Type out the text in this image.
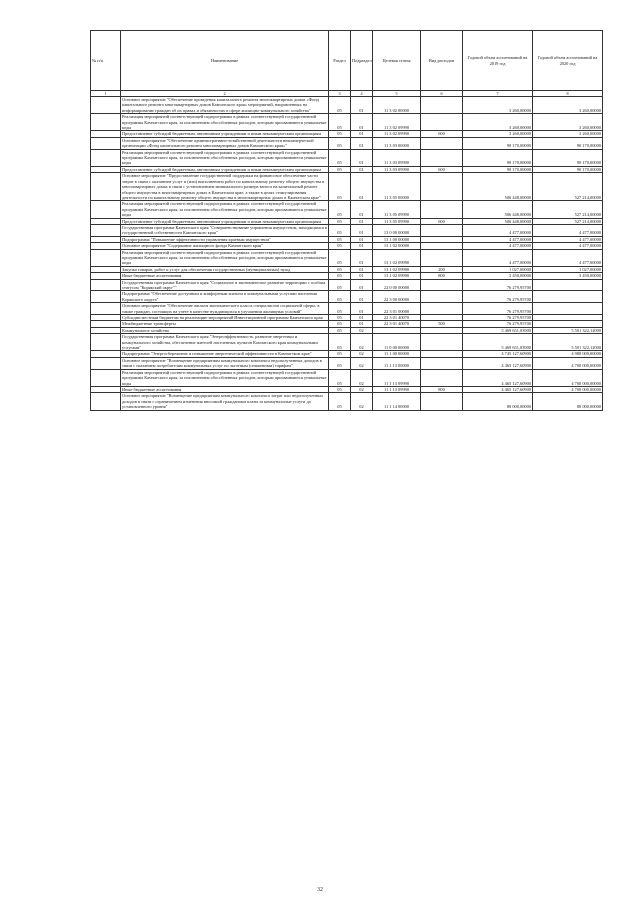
№ п/п	Наименование	Раздел	Подраздел	Целевая статья	Вид расходов	Годовой объем ассигнований на 2019 год	Годовой объем ассигнований на 2020 год
1	2	3	4	5	6	7	8
	Основное мероприятие "Обеспечение проведения капитального ремонта многоквартирных домов «Фонд капитального ремонта многоквартирных домов Камчатского края» мероприятий, направленных на информирование граждан об их правах и обязанностях в сфере жилищно-коммунального хозяйства"	05	01	11 3 02 00000		3 260,00000	3 260,00000
	Реализация мероприятий соответствующей подпрограммы в рамках соответствующей государственной программы Камчатского края, за исключением обособленных расходов, которым присваиваются уникальные коды	05	01	11 3 02 09990		3 260,00000	3 260,00000
	Предоставление субсидий бюджетным, автономным учреждениям и иным некоммерческим организациям	05	01	11 3 02 09990	600	3 260,00000	3 260,00000
	Основное мероприятие "Обеспечение административно-хозяйственной деятельности некоммерческой организации «Фонд капитального ремонта многоквартирных домов Камчатского края»"	05	01	11 3 03 00000		90 170,00000	90 170,00000
	Реализация мероприятий соответствующей подпрограммы в рамках соответствующей государственной программы Камчатского края, за исключением обособленных расходов, которым присваиваются уникальные коды	05	01	11 3 03 09990		90 170,00000	90 170,00000
	Предоставление субсидий бюджетным, автономным учреждениям и иным некоммерческим организациям	05	01	11 3 03 09990	600	90 170,00000	90 170,00000
	Основное мероприятие "Предоставление государственной поддержки на финансовое обеспечение части затрат в связи с оказанием услуг и (или) выполнением работ по капитальному ремонту общего имущества в многоквартирных домах в связи с установлением минимального размера взноса на капитальный ремонт общего имущества в многоквартирных домах в Камчатском крае, а также в целях стимулирования деятельности по капитальному ремонту общего имущества в многоквартирных домах в Камчатском крае"	05	01	11 3 05 00000		506 448,00000	527 214,00000
	Реализация мероприятий соответствующей подпрограммы в рамках соответствующей государственной программы Камчатского края, за исключением обособленных расходов, которым присваиваются уникальные коды	05	01	11 3 05 09990		506 448,00000	527 214,00000
	Предоставление субсидий бюджетным, автономным учреждениям и иным некоммерческим организациям	05	01	11 3 05 09990	600	506 448,00000	527 214,00000
	Государственная программа Камчатского края "Совершенствование управления имуществом, находящимся в государственной собственности Камчатского края"	05	01	13 0 00 00000		4 477,00000	4 477,00000
	Подпрограмма "Повышение эффективности управления краевым имуществом"	05	01	13 1 00 00000		4 477,00000	4 477,00000
	Основное мероприятие "Содержание жилищного фонда Камчатского края"	05	01	13 1 02 00000		4 477,00000	4 477,00000
	Реализация мероприятий соответствующей подпрограммы в рамках соответствующей государственной программы Камчатского края, за исключением обособленных расходов, которым присваиваются уникальные коды	05	01	13 1 02 09990		4 477,00000	4 477,00000
	Закупка товаров, работ и услуг для обеспечения государственных (муниципальных) нужд	05	01	13 1 02 09990	200	1 027,00000	1 027,00000
	Иные бюджетные ассигнования	05	01	13 1 02 09990	800	3 450,00000	3 450,00000
	Государственная программа Камчатского края "Социальное и экономическое развитие территории с особым статусом "Корякский округ""	05	01	22 0 00 00000		76 279,95700	
	Подпрограмма "Обеспечение доступным и комфортным жильем и коммунальными услугами населения Корякского округа"	05	01	22 3 00 00000		76 279,95700	
	Основное мероприятие "Обеспечение жильем экономического класса специалистов социальной сферы, в также граждан, состоящих на учете в качестве нуждающихся в улучшении жилищных условий"	05	01	22 3 01 00000		76 279,95700	
	Субсидии местным бюджетам на реализацию мероприятий Инвестиционной программы Камчатского края	05	01	22 3 01 40070		76 279,95700	
	Межбюджетные трансферты	05	01	22 3 01 40070	500	76 279,95700	
	Коммунальное хозяйство	05	02			5 469 651,03900	5 501 322,12000
	Государственная программа Камчатского края "Энергоэффективность, развитие энергетики и коммунального хозяйства, обеспечение жителей населенных пунктов Камчатского края коммунальными услугами"	05	02	11 0 00 00000		5 469 651,03900	5 501 322,12000
	Подпрограмма "Энергосбережение и повышение энергетической эффективности в Камчатском крае"	05	02	11 1 00 00000		4 745 127,60900	4 980 000,00000
	Основное мероприятие "Возмещение предприятиям коммунального комплекса недополученных доходов в связи с оказанием потребителям коммунальных услуг по льготным (сниженным) тарифам"	05	02	11 1 13 00000		4 465 127,60900	4 700 000,00000
	Реализация мероприятий соответствующей подпрограммы в рамках соответствующей государственной программы Камчатского края, за исключением обособленных расходов, которым присваиваются уникальные коды	05	02	11 1 13 09990		4 465 127,60900	4 700 000,00000
	Иные бюджетные ассигнования	05	02	11 1 13 09990	800	4 465 127,60900	4 700 000,00000
	Основное мероприятие "Возмещение предприятиям коммунального комплекса затрат или недополученных доходов в связи с ограничением изменения вносимой гражданами платы за коммунальные услуги до установленного уровня"	05	02	11 1 14 00000		80 000,00000	80 000,00000
32
